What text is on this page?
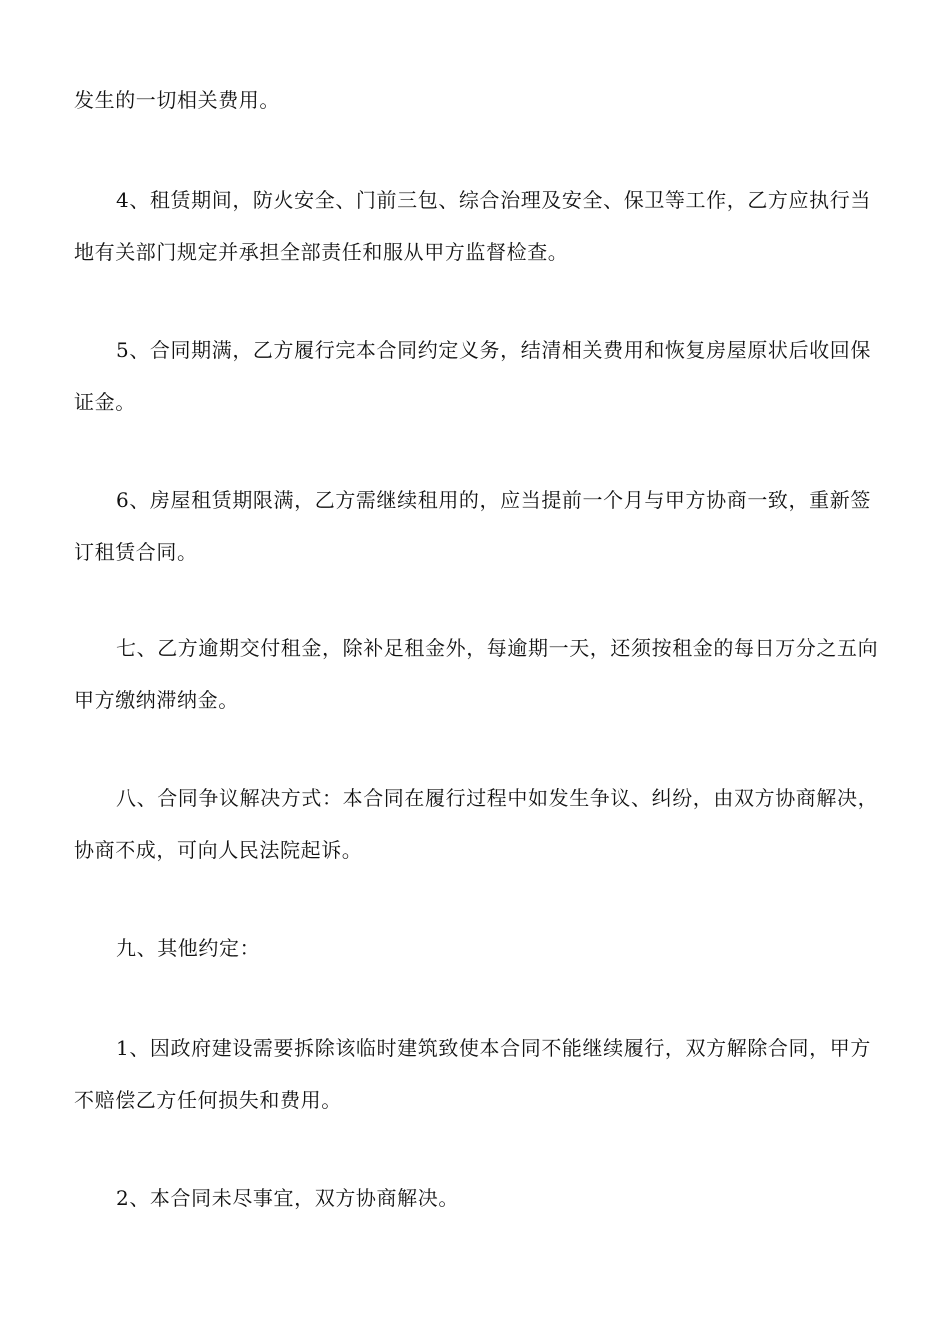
发生的一切相关费用。

4、租赁期间，防火安全、门前三包、综合治理及安全、保卫等工作，乙方应执行当地有关部门规定并承担全部责任和服从甲方监督检查。

5、合同期满，乙方履行完本合同约定义务，结清相关费用和恢复房屋原状后收回保证金。

6、房屋租赁期限满，乙方需继续租用的，应当提前一个月与甲方协商一致，重新签订租赁合同。

七、乙方逾期交付租金，除补足租金外，每逾期一天，还须按租金的每日万分之五向甲方缴纳滞纳金。

八、合同争议解决方式：本合同在履行过程中如发生争议、纠纷，由双方协商解决，协商不成，可向人民法院起诉。

九、其他约定：

1、因政府建设需要拆除该临时建筑致使本合同不能继续履行，双方解除合同，甲方不赔偿乙方任何损失和费用。

2、本合同未尽事宜，双方协商解决。
